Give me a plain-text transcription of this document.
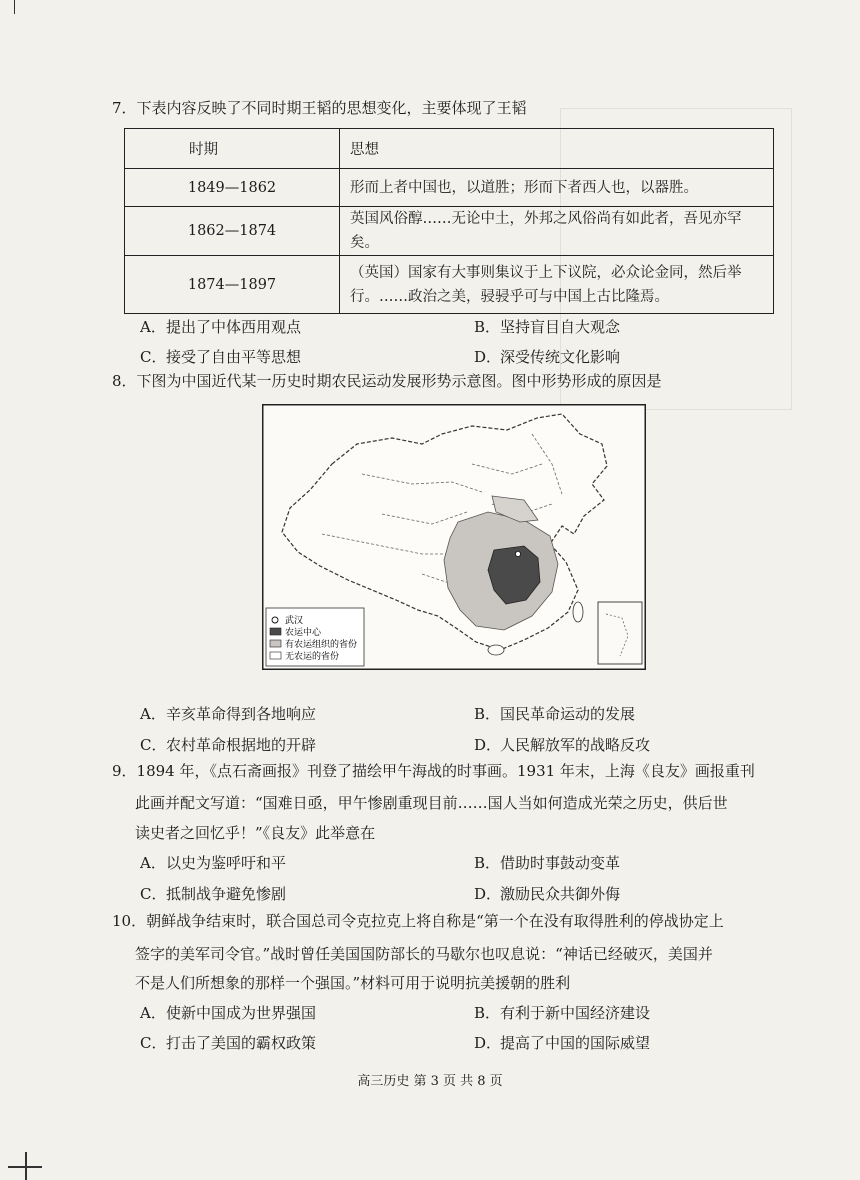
7．下表内容反映了不同时期王韬的思想变化，主要体现了王韬
时期	思想
1849—1862	形而上者中国也，以道胜；形而下者西人也，以器胜。

1862—1874	英国风俗醇……无论中土，外邦之风俗尚有如此者，吾见亦罕矣。

1874—1897	（英国）国家有大事则集议于上下议院，必众论金同，然后举
行。……政治之美，骎骎乎可与中国上古比隆焉。
A．提出了中体西用观点	B．坚持盲目自大观念
C．接受了自由平等思想	D．深受传统文化影响
8．下图为中国近代某一历史时期农民运动发展形势示意图。图中形势形成的原因是
武汉
农运中心
有农运组织的省份
无农运的省份
A．辛亥革命得到各地响应	B．国民革命运动的发展
C．农村革命根据地的开辟	D．人民解放军的战略反攻
9．1894 年，《点石斋画报》刊登了描绘甲午海战的时事画。1931 年末，上海《良友》画报重刊
此画并配文写道：“国难日亟，甲午惨剧重现目前……国人当如何造成光荣之历史，供后世
读史者之回忆乎！”《良友》此举意在
A．以史为鉴呼吁和平	B．借助时事鼓动变革
C．抵制战争避免惨剧	D．激励民众共御外侮
10．朝鲜战争结束时，联合国总司令克拉克上将自称是“第一个在没有取得胜利的停战协定上
签字的美军司令官。”战时曾任美国国防部长的马歇尔也叹息说：“神话已经破灭，美国并
不是人们所想象的那样一个强国。”材料可用于说明抗美援朝的胜利
A．使新中国成为世界强国	B．有利于新中国经济建设
C．打击了美国的霸权政策	D．提高了中国的国际威望
高三历史 第 3 页 共 8 页
